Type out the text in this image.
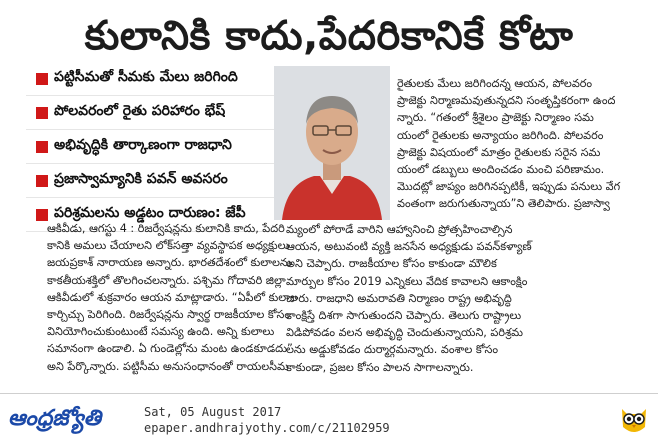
కులానికి కాదు,పేదరికానికే కోటా
పట్టిసీమతో సీమకు మేలు జరిగింది
పోలవరంలో రైతు పరిహారం భేష్
అభివృద్ధికి తార్కాణంగా రాజధాని
ప్రజాస్వామ్యానికి పవన్ అవసరం
పరిశ్రమలను అడ్డటం దారుణం: జేపీ

ఆకివీడు, ఆగస్టు 4 : రిజర్వేషన్లను కులానికి కాదు, పేదరి

కానికి అమలు చేయాలని లోక్‌సత్తా వ్యవస్థాపక అధ్యక్షులు

జయప్రకాశ్ నారాయణ అన్నారు. భారతదేశంలో కులాలను

కాకతీయ‌శక్తిలో తొలగించలన్నారు. పశ్చిమ గోదావరి జిల్లా

ఆకివీడులో శుక్రవారం ఆయన మాట్లాడారు. “ఏపీలో కులాల

కార్చిచ్చు పెరిగింది. రిజర్వేషన్లను స్వార్థ రాజకీయాల కోసం

వినియోగించుకుంటుంటే సమస్య ఉంది. అన్ని కులాలు

సమానంగా ఉండాలి. ఏ గుండెల్లోను మంట ఉండకూడదు”

అని పేర్కొన్నారు. పట్టిసీమ అనుసంధానంతో రాయలసీమ

రైతులకు మేలు జరిగిందన్న ఆయన, పోలవరం

ప్రాజెక్టు నిర్మాణమవుతున్నదని సంతృప్తికరంగా ఉంద

న్నారు. “గతంలో శ్రీశైలం ప్రాజెక్టు నిర్మాణం సమ

యంలో రైతులకు అన్యాయం జరిగింది. పోలవరం

ప్రాజెక్టు విషయంలో మాత్రం రైతులకు సరైన సమ

యంలో డబ్బులు అందించడం మంచి పరిణామం.

మొదట్లో జాప్యం జరిగినప్పటికీ, ఇప్పుడు పనులు వేగ

వంతంగా జరుగుతున్నాయ”ని తెలిపారు. ప్రజాస్వా

మ్యంలో పోరాడే వారిని ఆహ్వానించి ప్రోత్సహించాల్సిన

ఆయన, అటువంటి వ్యక్తి జనసేన అధ్యక్షుడు పవన్‌కళ్యాణ్

అని చెప్పారు. రాజకీయాల కోసం కాకుండా మౌలిక

మార్పుల కోసం 2019 ఎన్నికలు వేదిక కావాలని ఆకాంక్షిం

చారు. రాజధాని అమరావతి నిర్మాణం రాష్ట్ర అభివృద్ధి

కాంక్షిస్తే దిశగా సాగుతుందని చెప్పారు. తెలుగు రాష్ట్రాలు

విడిపోవడం వలన అభివృద్ధి చెందుతున్నాయని, పరిశ్రమ

లను అడ్డుకోవడం దుర్మార్గమన్నారు. వంశాల కోసం

కాకుండా, ప్రజల కోసం పాలన సాగాలన్నారు.

ఆంధ్రజ్యోతి	Sat, 05 August 2017
epaper.andhrajyothy.com/c/21102959
